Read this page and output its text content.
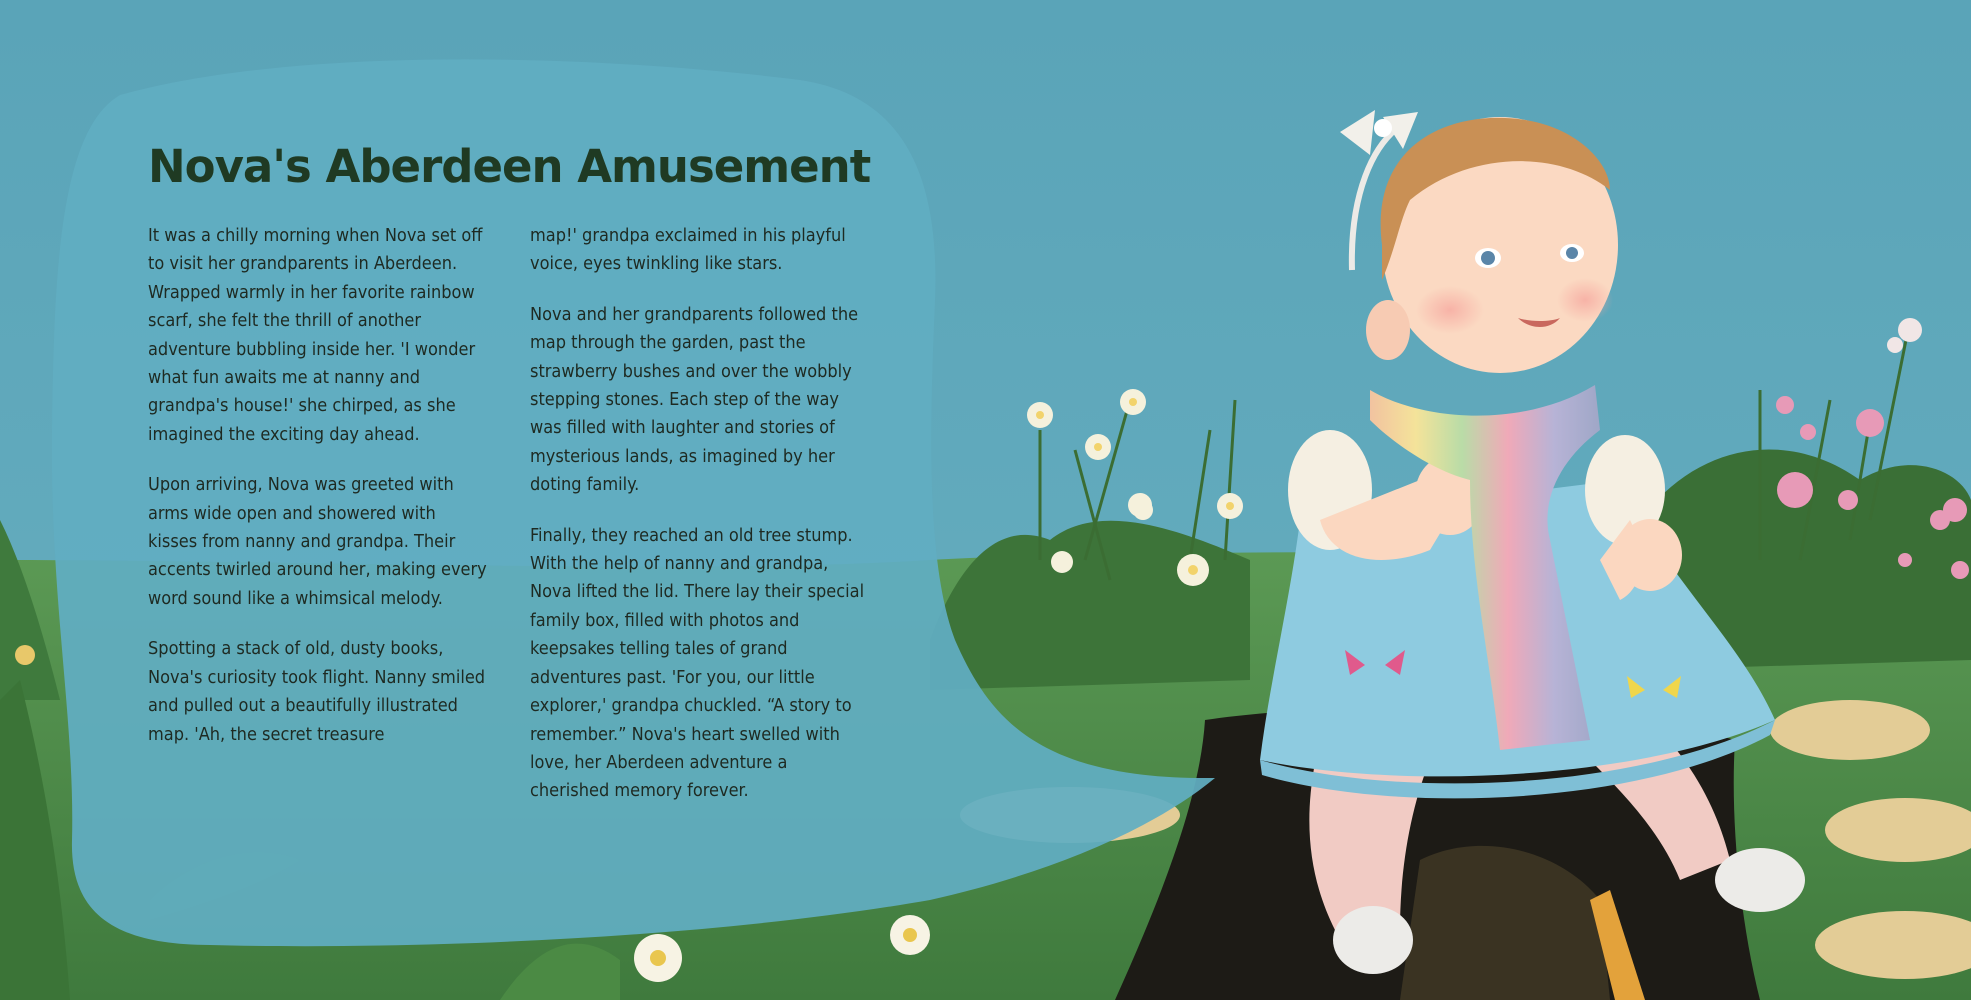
Nova's Aberdeen Amusement

It was a chilly morning when Nova set off to visit her grandparents in Aberdeen. Wrapped warmly in her favorite rainbow scarf, she felt the thrill of another adventure bubbling inside her. 'I wonder what fun awaits me at nanny and grandpa's house!' she chirped, as she imagined the exciting day ahead.

Upon arriving, Nova was greeted with arms wide open and showered with kisses from nanny and grandpa. Their accents twirled around her, making every word sound like a whimsical melody.

Spotting a stack of old, dusty books, Nova's curiosity took flight. Nanny smiled and pulled out a beautifully illustrated map. 'Ah, the secret treasure

map!' grandpa exclaimed in his playful voice, eyes twinkling like stars.

Nova and her grandparents followed the map through the garden, past the strawberry bushes and over the wobbly stepping stones. Each step of the way was filled with laughter and stories of mysterious lands, as imagined by her doting family.

Finally, they reached an old tree stump. With the help of nanny and grandpa, Nova lifted the lid. There lay their special family box, filled with photos and keepsakes telling tales of grand adventures past. 'For you, our little explorer,' grandpa chuckled. “A story to remember.” Nova's heart swelled with love, her Aberdeen adventure a cherished memory forever.
